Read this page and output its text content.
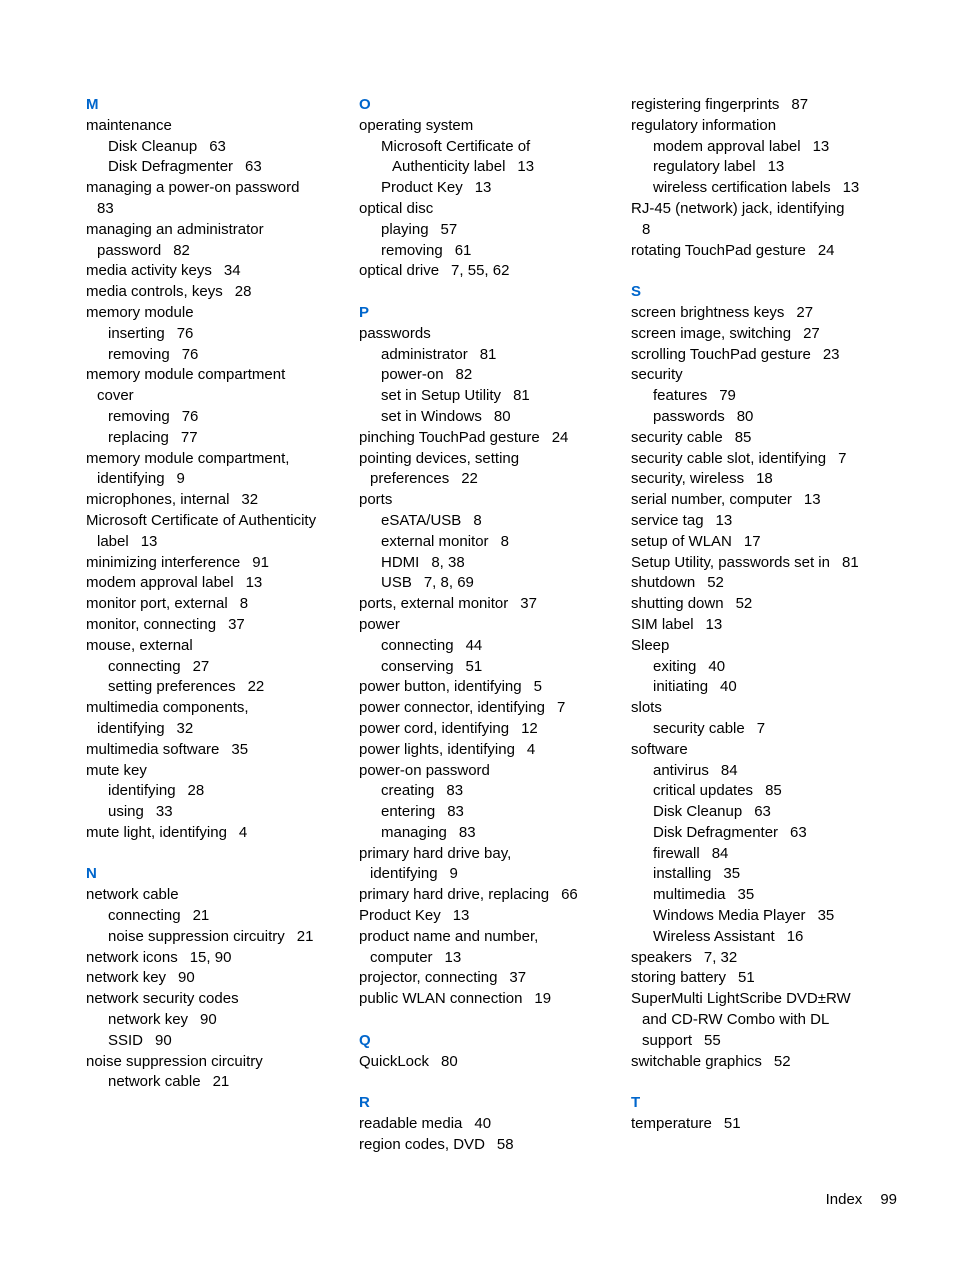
M
maintenance
Disk Cleanup 63
Disk Defragmenter 63
managing a power-on password
83
managing an administrator
password 82
media activity keys 34
media controls, keys 28
memory module
inserting 76
removing 76
memory module compartment
cover
removing 76
replacing 77
memory module compartment,
identifying 9
microphones, internal 32
Microsoft Certificate of Authenticity
label 13
minimizing interference 91
modem approval label 13
monitor port, external 8
monitor, connecting 37
mouse, external
connecting 27
setting preferences 22
multimedia components,
identifying 32
multimedia software 35
mute key
identifying 28
using 33
mute light, identifying 4
N
network cable
connecting 21
noise suppression circuitry 21
network icons 15, 90
network key 90
network security codes
network key 90
SSID 90
noise suppression circuitry
network cable 21
O
operating system
Microsoft Certificate of
Authenticity label 13
Product Key 13
optical disc
playing 57
removing 61
optical drive 7, 55, 62
P
passwords
administrator 81
power-on 82
set in Setup Utility 81
set in Windows 80
pinching TouchPad gesture 24
pointing devices, setting
preferences 22
ports
eSATA/USB 8
external monitor 8
HDMI 8, 38
USB 7, 8, 69
ports, external monitor 37
power
connecting 44
conserving 51
power button, identifying 5
power connector, identifying 7
power cord, identifying 12
power lights, identifying 4
power-on password
creating 83
entering 83
managing 83
primary hard drive bay,
identifying 9
primary hard drive, replacing 66
Product Key 13
product name and number,
computer 13
projector, connecting 37
public WLAN connection 19
Q
QuickLock 80
R
readable media 40
region codes, DVD 58
registering fingerprints 87
regulatory information
modem approval label 13
regulatory label 13
wireless certification labels 13
RJ-45 (network) jack, identifying
8
rotating TouchPad gesture 24
S
screen brightness keys 27
screen image, switching 27
scrolling TouchPad gesture 23
security
features 79
passwords 80
security cable 85
security cable slot, identifying 7
security, wireless 18
serial number, computer 13
service tag 13
setup of WLAN 17
Setup Utility, passwords set in 81
shutdown 52
shutting down 52
SIM label 13
Sleep
exiting 40
initiating 40
slots
security cable 7
software
antivirus 84
critical updates 85
Disk Cleanup 63
Disk Defragmenter 63
firewall 84
installing 35
multimedia 35
Windows Media Player 35
Wireless Assistant 16
speakers 7, 32
storing battery 51
SuperMulti LightScribe DVD±RW
and CD-RW Combo with DL
support 55
switchable graphics 52
T
temperature 51
Index 99
